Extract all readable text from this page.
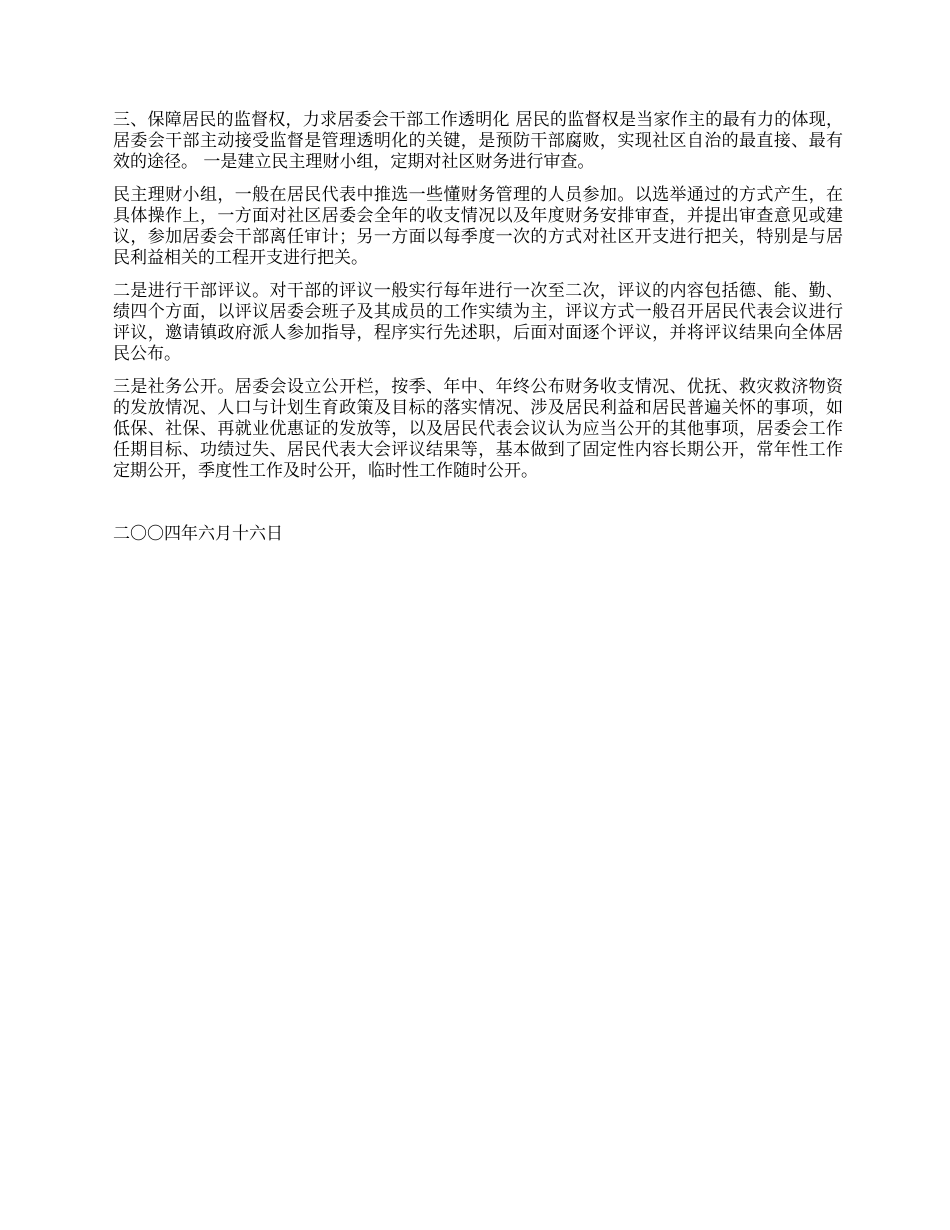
三、保障居民的监督权，力求居委会干部工作透明化 居民的监督权是当家作主的最有力的体现，居委会干部主动接受监督是管理透明化的关键，是预防干部腐败，实现社区自治的最直接、最有效的途径。 一是建立民主理财小组，定期对社区财务进行审查。

民主理财小组，一般在居民代表中推选一些懂财务管理的人员参加。以选举通过的方式产生，在具体操作上，一方面对社区居委会全年的收支情况以及年度财务安排审查，并提出审查意见或建议，参加居委会干部离任审计；另一方面以每季度一次的方式对社区开支进行把关，特别是与居民利益相关的工程开支进行把关。

二是进行干部评议。对干部的评议一般实行每年进行一次至二次，评议的内容包括德、能、勤、绩四个方面，以评议居委会班子及其成员的工作实绩为主，评议方式一般召开居民代表会议进行评议，邀请镇政府派人参加指导，程序实行先述职，后面对面逐个评议，并将评议结果向全体居民公布。

三是社务公开。居委会设立公开栏，按季、年中、年终公布财务收支情况、优抚、救灾救济物资的发放情况、人口与计划生育政策及目标的落实情况、涉及居民利益和居民普遍关怀的事项，如低保、社保、再就业优惠证的发放等，以及居民代表会议认为应当公开的其他事项，居委会工作任期目标、功绩过失、居民代表大会评议结果等，基本做到了固定性内容长期公开，常年性工作定期公开，季度性工作及时公开，临时性工作随时公开。

二〇〇四年六月十六日
